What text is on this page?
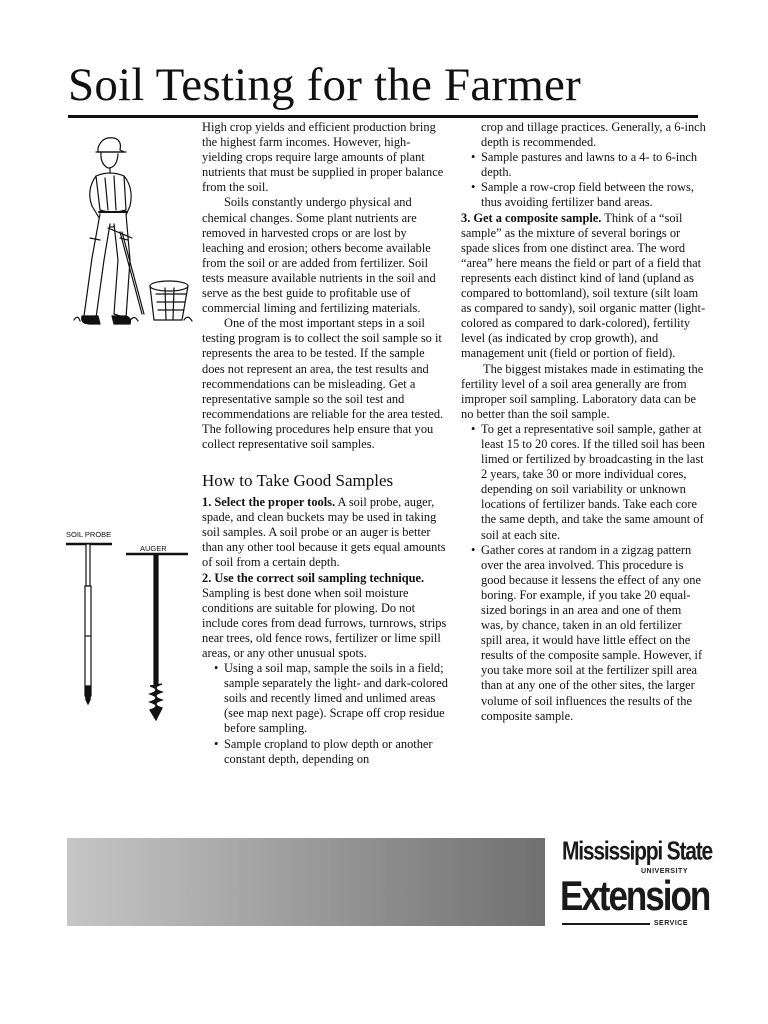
Soil Testing for the Farmer
SOIL PROBE
AUGER

High crop yields and efficient production bring the highest farm incomes. However, high-yielding crops require large amounts of plant nutrients that must be supplied in proper balance from the soil.

Soils constantly undergo physical and chemical changes. Some plant nutrients are removed in harvested crops or are lost by leaching and erosion; others become available from the soil or are added from fertilizer. Soil tests measure available nutrients in the soil and serve as the best guide to profitable use of commercial liming and fertilizing materials.

One of the most important steps in a soil testing program is to collect the soil sample so it represents the area to be tested. If the sample does not represent an area, the test results and recommendations can be misleading. Get a representative sample so the soil test and recommendations are reliable for the area tested. The following procedures help ensure that you collect representative soil samples.

How to Take Good Samples

1. Select the proper tools. A soil probe, auger, spade, and clean buckets may be used in taking soil samples. A soil probe or an auger is better than any other tool because it gets equal amounts of soil from a certain depth.

2. Use the correct soil sampling technique. Sampling is best done when soil moisture conditions are suitable for plowing. Do not include cores from dead furrows, turnrows, strips near trees, old fence rows, fertilizer or lime spill areas, or any other unusual spots.

• Using a soil map, sample the soils in a field; sample separately the light- and dark-colored soils and recently limed and unlimed areas (see map next page). Scrape off crop residue before sampling.
• Sample cropland to plow depth or another constant depth, depending on

crop and tillage practices. Generally, a 6-inch depth is recommended.

• Sample pastures and lawns to a 4- to 6-inch depth.
• Sample a row-crop field between the rows, thus avoiding fertilizer band areas.

3. Get a composite sample. Think of a “soil sample” as the mixture of several borings or spade slices from one distinct area. The word “area” here means the field or part of a field that represents each distinct kind of land (upland as compared to bottomland), soil texture (silt loam as compared to sandy), soil organic matter (light-colored as compared to dark-colored), fertility level (as indicated by crop growth), and management unit (field or portion of field).

The biggest mistakes made in estimating the fertility level of a soil area generally are from improper soil sampling. Laboratory data can be no better than the soil sample.

• To get a representative soil sample, gather at least 15 to 20 cores. If the tilled soil has been limed or fertilized by broadcasting in the last 2 years, take 30 or more individual cores, depending on soil variability or unknown locations of fertilizer bands. Take each core the same depth, and take the same amount of soil at each site.
• Gather cores at random in a zigzag pattern over the area involved. This procedure is good because it lessens the effect of any one boring. For example, if you take 20 equal-sized borings in an area and one of them was, by chance, taken in an old fertilizer spill area, it would have little effect on the results of the composite sample. However, if you take more soil at the fertilizer spill area than at any one of the other sites, the larger volume of soil influences the results of the composite sample.
Mississippi State
UNIVERSITY
Extension
SERVICE
